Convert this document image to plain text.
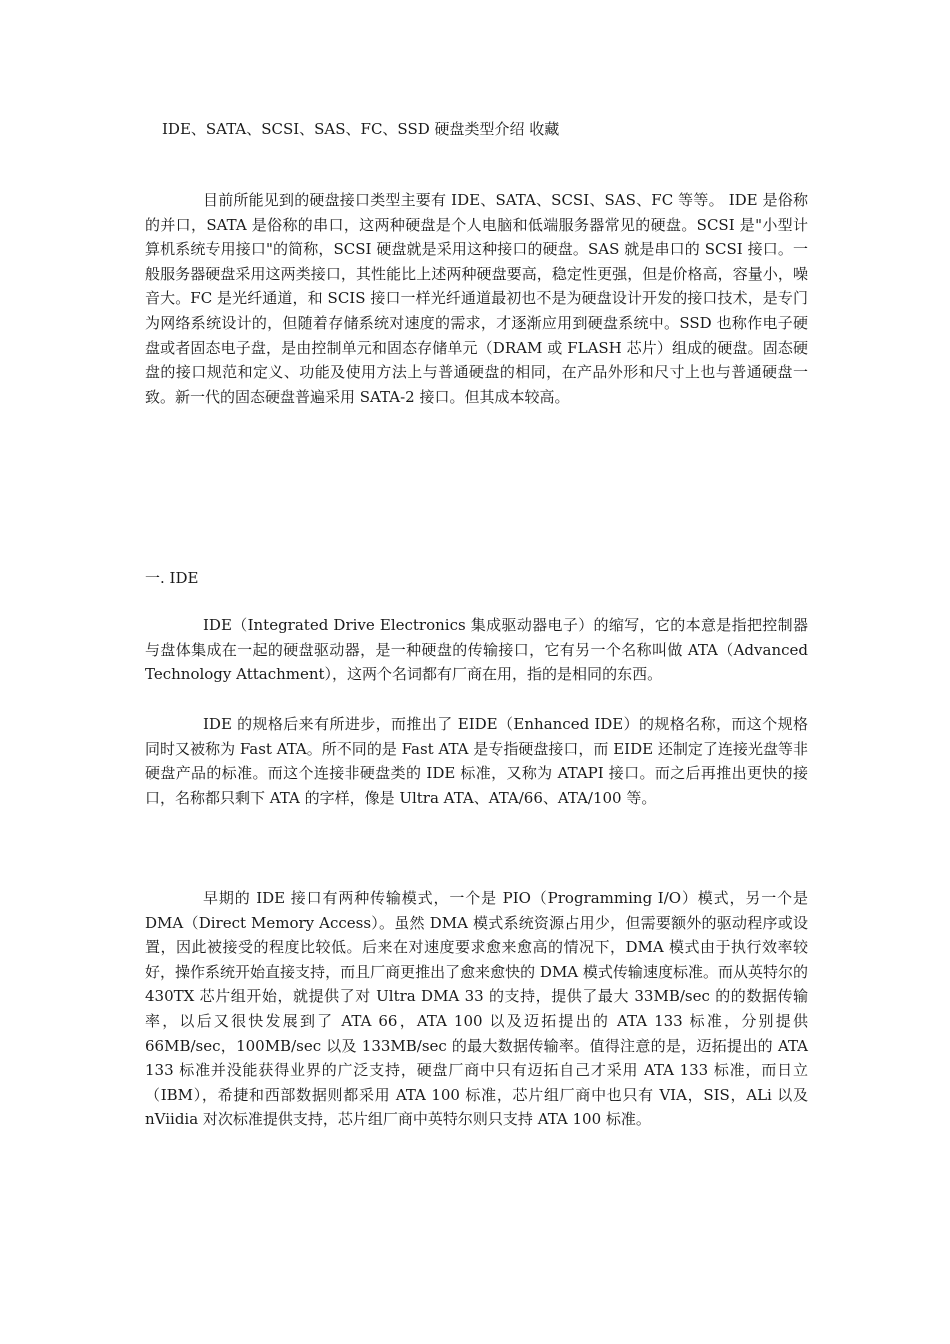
IDE、SATA、SCSI、SAS、FC、SSD 硬盘类型介绍 收藏

目前所能见到的硬盘接口类型主要有 IDE、SATA、SCSI、SAS、FC 等等。 IDE 是俗称的并口，SATA 是俗称的串口，这两种硬盘是个人电脑和低端服务器常见的硬盘。SCSI 是"小型计算机系统专用接口"的简称，SCSI 硬盘就是采用这种接口的硬盘。SAS 就是串口的 SCSI 接口。一般服务器硬盘采用这两类接口，其性能比上述两种硬盘要高，稳定性更强，但是价格高，容量小，噪音大。FC 是光纤通道，和 SCIS 接口一样光纤通道最初也不是为硬盘设计开发的接口技术，是专门为网络系统设计的，但随着存储系统对速度的需求，才逐渐应用到硬盘系统中。SSD 也称作电子硬盘或者固态电子盘，是由控制单元和固态存储单元（DRAM 或 FLASH 芯片）组成的硬盘。固态硬盘的接口规范和定义、功能及使用方法上与普通硬盘的相同，在产品外形和尺寸上也与普通硬盘一致。新一代的固态硬盘普遍采用 SATA-2 接口。但其成本较高。

一. IDE

IDE（Integrated Drive Electronics 集成驱动器电子）的缩写，它的本意是指把控制器与盘体集成在一起的硬盘驱动器，是一种硬盘的传输接口，它有另一个名称叫做 ATA（Advanced Technology Attachment），这两个名词都有厂商在用，指的是相同的东西。

IDE 的规格后来有所进步，而推出了 EIDE（Enhanced IDE）的规格名称，而这个规格同时又被称为 Fast ATA。所不同的是 Fast ATA 是专指硬盘接口，而 EIDE 还制定了连接光盘等非硬盘产品的标准。而这个连接非硬盘类的 IDE 标准，又称为 ATAPI 接口。而之后再推出更快的接口，名称都只剩下 ATA 的字样，像是 Ultra ATA、ATA/66、ATA/100 等。

早期的 IDE 接口有两种传输模式，一个是 PIO（Programming I/O）模式，另一个是 DMA（Direct Memory Access）。虽然 DMA 模式系统资源占用少，但需要额外的驱动程序或设置，因此被接受的程度比较低。后来在对速度要求愈来愈高的情况下，DMA 模式由于执行效率较好，操作系统开始直接支持，而且厂商更推出了愈来愈快的 DMA 模式传输速度标准。而从英特尔的 430TX 芯片组开始，就提供了对 Ultra DMA 33 的支持，提供了最大 33MB/sec 的的数据传输率，以后又很快发展到了 ATA 66，ATA 100 以及迈拓提出的 ATA 133 标准，分别提供 66MB/sec，100MB/sec 以及 133MB/sec 的最大数据传输率。值得注意的是，迈拓提出的 ATA 133 标准并没能获得业界的广泛支持，硬盘厂商中只有迈拓自己才采用 ATA 133 标准，而日立（IBM），希捷和西部数据则都采用 ATA 100 标准，芯片组厂商中也只有 VIA，SIS，ALi 以及 nViidia 对次标准提供支持，芯片组厂商中英特尔则只支持 ATA 100 标准。
